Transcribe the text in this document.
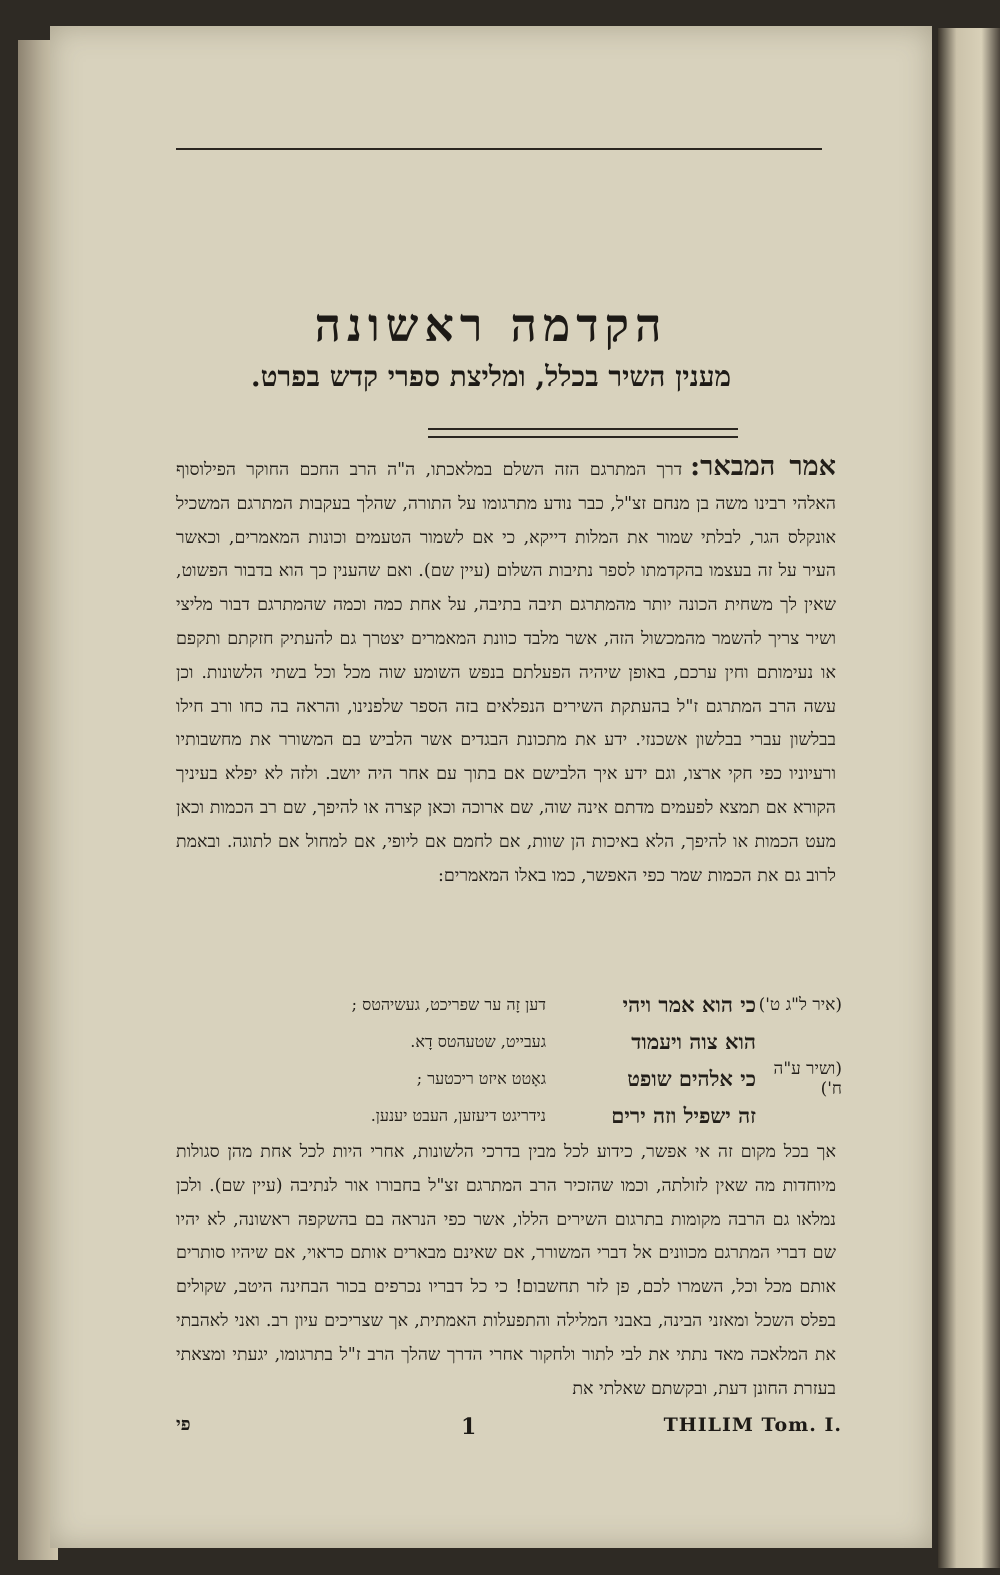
הקדמה ראשונה
מענין השיר בכלל, ומליצת ספרי קדש בפרט.

אמר המבאר:דרך המתרגם הזה השלם במלאכתו, ה"ה הרב החכם החוקר הפילוסוף האלהי רבינו משה בן מנחם זצ"ל, כבר נודע מתרגומו על התורה, שהלך בעקבות המתרגם המשכיל אונקלס הגר, לבלתי שמור את המלות דייקא, כי אם לשמור הטעמים וכונות המאמרים, וכאשר העיר על זה בעצמו בהקדמתו לספר נתיבות השלום (עיין שם). ואם שהענין כך הוא בדבור הפשוט, שאין לך משחית הכונה יותר מהמתרגם תיבה בתיבה, על אחת כמה וכמה שהמתרגם דבור מליצי ושיר צריך להשמר מהמכשול הזה, אשר מלבד כוונת המאמרים יצטרך גם להעתיק חזקתם ותקפם או נעימותם וחין ערכם, באופן שיהיה הפעלתם בנפש השומע שוה מכל וכל בשתי הלשונות. וכן עשה הרב המתרגם ז"ל בהעתקת השירים הנפלאים בזה הספר שלפנינו, והראה בה כחו ורב חילו בבלשון עברי בבלשון אשכנזי. ידע את מתכונת הבגדים אשר הלביש בם המשורר את מחשבותיו ורעיוניו כפי חקי ארצו, וגם ידע איך הלבישם אם בתוך עם אחר היה יושב. ולזה לא יפלא בעיניך הקורא אם תמצא לפעמים מדתם אינה שוה, שם ארוכה וכאן קצרה או להיפך, שם רב הכמות וכאן מעט הכמות או להיפך, הלא באיכות הן שוות, אם לחמם אם ליופי, אם למחול אם לתוגה. ובאמת לרוב גם את הכמות שמר כפי האפשר, כמו באלו המאמרים:

(איר ל"ג ט')
כי הוא אמר ויהי
דען זָה ער שפריכט, געשיהטס ;
הוא צוה ויעמוד
געבייט, שטעהטס דָא.
(ושיר ע"ה ח')
כי אלהים שופט
גאָטט איזט ריכטער ;
זה ישפיל וזה ירים
נידריגט דיעזען, העבט יענען.
אך בכל מקום זה אי אפשר, כידוע לכל מבין בדרכי הלשונות, אחרי היות לכל אחת מהן סגולות מיוחדות מה שאין לזולתה, וכמו שהזכיר הרב המתרגם זצ"ל בחבורו אור לנתיבה (עיין שם). ולכן נמלאו גם הרבה מקומות בתרגום השירים הללו, אשר כפי הנראה בם בהשקפה ראשונה, לא יהיו שם דברי המתרגם מכוונים אל דברי המשורר, אם שאינם מבארים אותם כראוי, אם שיהיו סותרים אותם מכל וכל, השמרו לכם, פן לזר תחשבום! כי כל דבריו נכרפים בכור הבחינה היטב, שקולים בפלס השכל ומאזני הבינה, באבני המלילה והתפעלות האמתית, אך שצריכים עיון רב. ואני לאהבתי את המלאכה מאד נתתי את לבי לתור ולחקור אחרי הדרך שהלך הרב ז"ל בתרגומו, יגעתי ומצאתי בעזרת החונן דעת, ובקשתם שאלתי את
פי	1	THILIM Tom. I.
